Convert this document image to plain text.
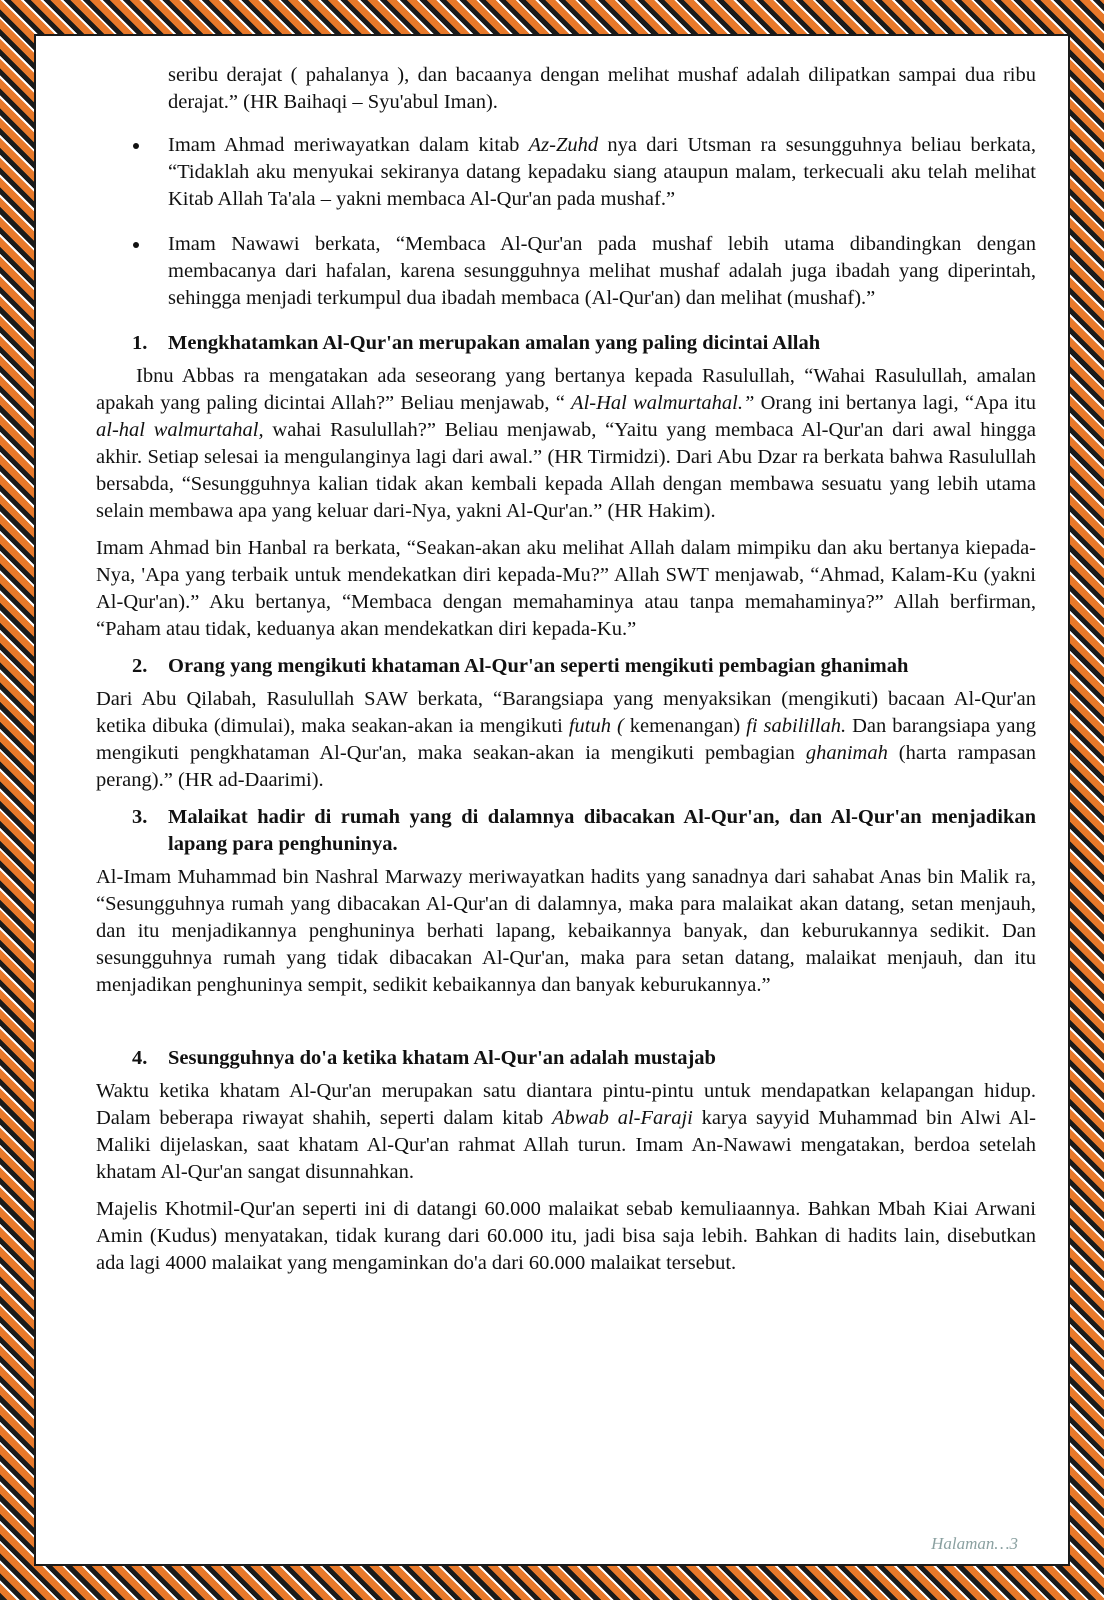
seribu derajat ( pahalanya ), dan bacaanya dengan melihat mushaf adalah dilipatkan sampai dua ribu derajat.” (HR Baihaqi – Syu'abul Iman).
Imam Ahmad meriwayatkan dalam kitab Az-Zuhd nya dari Utsman ra sesungguhnya beliau berkata, “Tidaklah aku menyukai sekiranya datang kepadaku siang ataupun malam, terkecuali aku telah melihat Kitab Allah Ta'ala – yakni membaca Al-Qur'an pada mushaf.”
Imam Nawawi berkata, “Membaca Al-Qur'an pada mushaf lebih utama dibandingkan dengan membacanya dari hafalan, karena sesungguhnya melihat mushaf adalah juga ibadah yang diperintah, sehingga menjadi terkumpul dua ibadah membaca (Al-Qur'an) dan melihat (mushaf).”
1. Mengkhatamkan Al-Qur'an merupakan amalan yang paling dicintai Allah

Ibnu Abbas ra mengatakan ada seseorang yang bertanya kepada Rasulullah, “Wahai Rasulullah, amalan apakah yang paling dicintai Allah?” Beliau menjawab, “ Al-Hal walmurtahal.” Orang ini bertanya lagi, “Apa itu al-hal walmurtahal, wahai Rasulullah?” Beliau menjawab, “Yaitu yang membaca Al-Qur'an dari awal hingga akhir. Setiap selesai ia mengulanginya lagi dari awal.” (HR Tirmidzi). Dari Abu Dzar ra berkata bahwa Rasulullah bersabda, “Sesungguhnya kalian tidak akan kembali kepada Allah dengan membawa sesuatu yang lebih utama selain membawa apa yang keluar dari-Nya, yakni Al-Qur'an.” (HR Hakim).

Imam Ahmad bin Hanbal ra berkata, “Seakan-akan aku melihat Allah dalam mimpiku dan aku bertanya kiepada-Nya, 'Apa yang terbaik untuk mendekatkan diri kepada-Mu?” Allah SWT menjawab, “Ahmad, Kalam-Ku (yakni Al-Qur'an).” Aku bertanya, “Membaca dengan memahaminya atau tanpa memahaminya?” Allah berfirman, “Paham atau tidak, keduanya akan mendekatkan diri kepada-Ku.”

2. Orang yang mengikuti khataman Al-Qur'an seperti mengikuti pembagian ghanimah

Dari Abu Qilabah, Rasulullah SAW berkata, “Barangsiapa yang menyaksikan (mengikuti) bacaan Al-Qur'an ketika dibuka (dimulai), maka seakan-akan ia mengikuti futuh ( kemenangan) fi sabilillah. Dan barangsiapa yang mengikuti pengkhataman Al-Qur'an, maka seakan-akan ia mengikuti pembagian ghanimah (harta rampasan perang).” (HR ad-Daarimi).

3. Malaikat hadir di rumah yang di dalamnya dibacakan Al-Qur'an, dan Al-Qur'an menjadikan lapang para penghuninya.

Al-Imam Muhammad bin Nashral Marwazy meriwayatkan hadits yang sanadnya dari sahabat Anas bin Malik ra, “Sesungguhnya rumah yang dibacakan Al-Qur'an di dalamnya, maka para malaikat akan datang, setan menjauh, dan itu menjadikannya penghuninya berhati lapang, kebaikannya banyak, dan keburukannya sedikit. Dan sesungguhnya rumah yang tidak dibacakan Al-Qur'an, maka para setan datang, malaikat menjauh, dan itu menjadikan penghuninya sempit, sedikit kebaikannya dan banyak keburukannya.”

4. Sesungguhnya do'a ketika khatam Al-Qur'an adalah mustajab

Waktu ketika khatam Al-Qur'an merupakan satu diantara pintu-pintu untuk mendapatkan kelapangan hidup. Dalam beberapa riwayat shahih, seperti dalam kitab Abwab al-Faraji karya sayyid Muhammad bin Alwi Al-Maliki dijelaskan, saat khatam Al-Qur'an rahmat Allah turun. Imam An-Nawawi mengatakan, berdoa setelah khatam Al-Qur'an sangat disunnahkan.

Majelis Khotmil-Qur'an seperti ini di datangi 60.000 malaikat sebab kemuliaannya. Bahkan Mbah Kiai Arwani Amin (Kudus) menyatakan, tidak kurang dari 60.000 itu, jadi bisa saja lebih. Bahkan di hadits lain, disebutkan ada lagi 4000 malaikat yang mengaminkan do'a dari 60.000 malaikat tersebut.

Halaman…3
